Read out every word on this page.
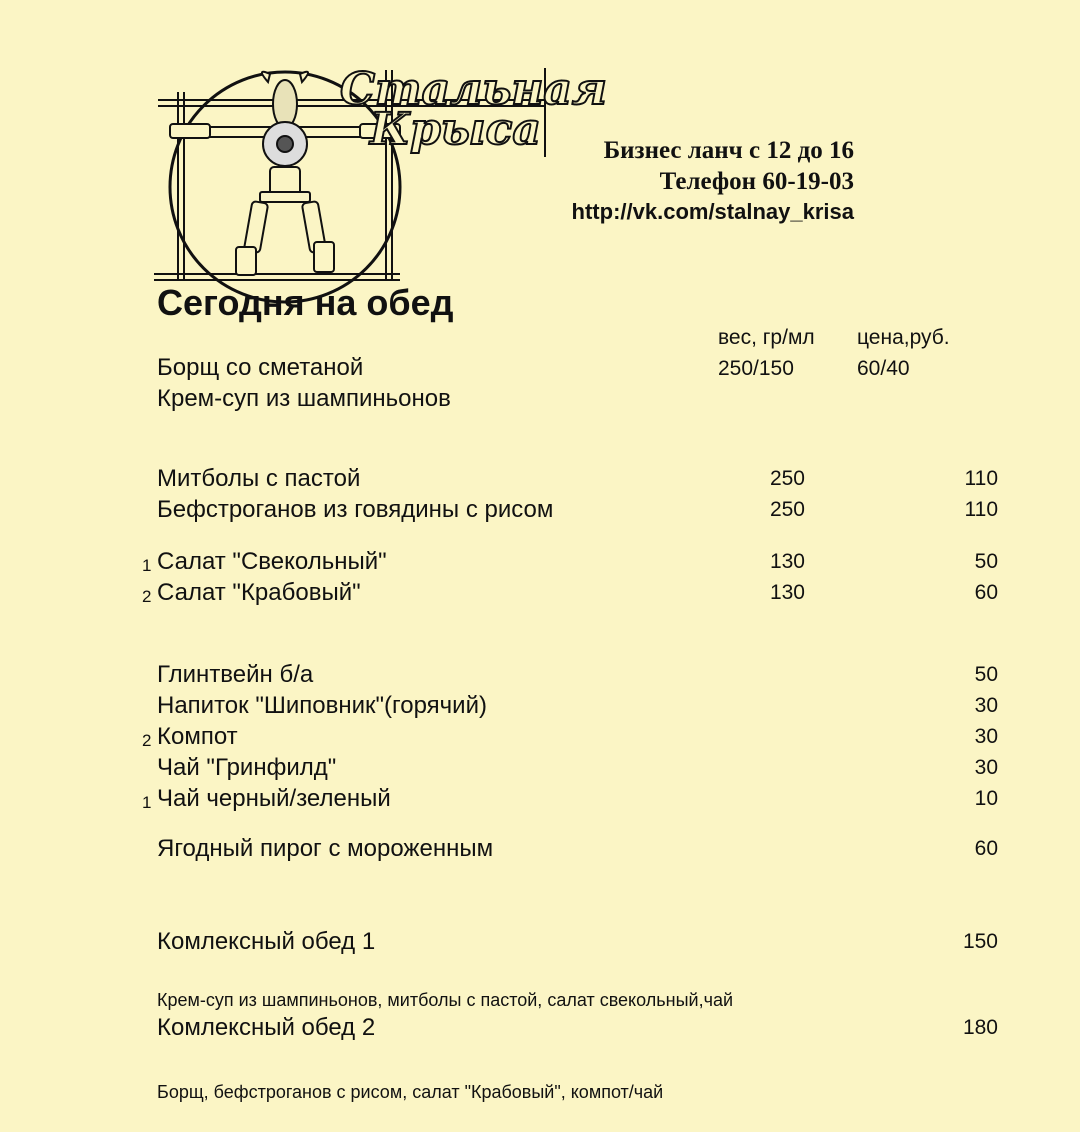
Стальная
Крыса	Бизнес ланч с 12 до 16
Телефон 60-19-03
http://vk.com/stalnay_krisa
Сегодня на обед
вес, гр/мл цена,руб.
Борщ со сметаной	250/150	60/40
Крем-суп из шампиньонов
Митболы с пастой	250	110
Бефстроганов из говядины с рисом	250	110
1 Салат "Свекольный"	130	50
2 Салат "Крабовый"	130	60
Глинтвейн б/а	50
Напиток "Шиповник"(горячий)	30
2 Компот	30
Чай "Гринфилд"	30
1 Чай черный/зеленый	10
Ягодный пирог с мороженным	60
Комлексный обед 1	150
Крем-суп из шампиньонов, митболы с пастой, салат свекольный,чай
Комлексный обед 2	180
Борщ, бефстроганов с рисом, салат "Крабовый", компот/чай
